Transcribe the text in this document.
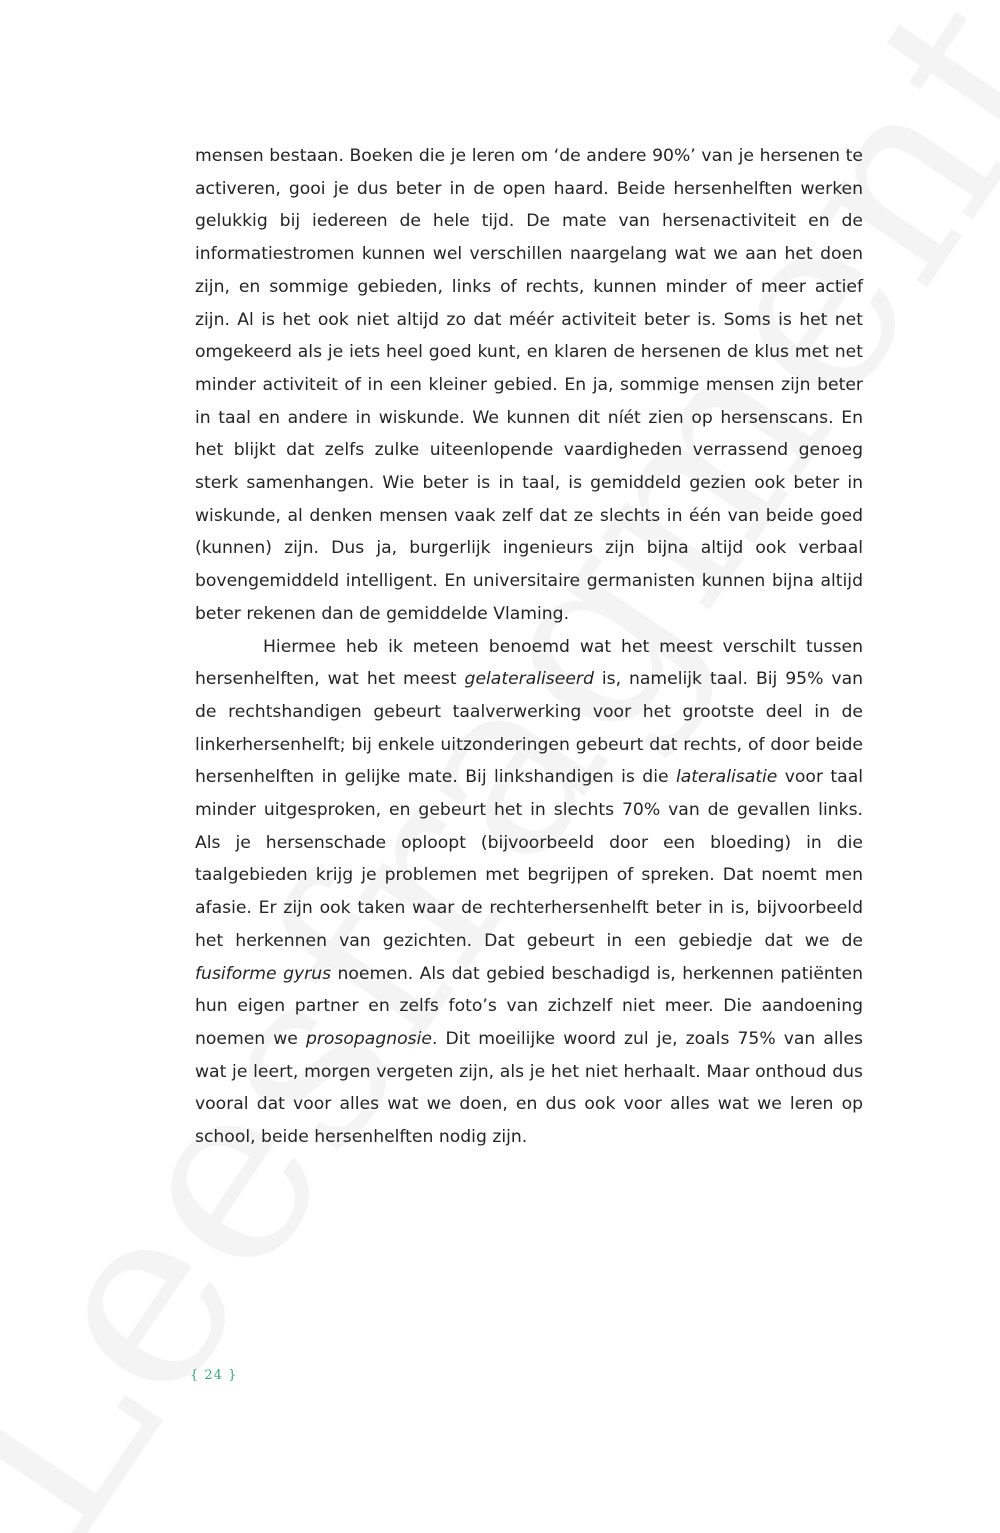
mensen bestaan. Boeken die je leren om ‘de andere 90%’ van je hersenen te activeren, gooi je dus beter in de open haard. Beide hersenhelften werken gelukkig bij iedereen de hele tijd. De mate van hersenactiviteit en de informatiestromen kunnen wel verschillen naargelang wat we aan het doen zijn, en sommige gebieden, links of rechts, kunnen minder of meer actief zijn. Al is het ook niet altijd zo dat méér activiteit beter is. Soms is het net omgekeerd als je iets heel goed kunt, en klaren de hersenen de klus met net minder activiteit of in een kleiner gebied. En ja, sommige mensen zijn beter in taal en andere in wiskunde. We kunnen dit níét zien op hersenscans. En het blijkt dat zelfs zulke uiteenlopende vaardigheden verrassend genoeg sterk samenhangen. Wie beter is in taal, is gemiddeld gezien ook beter in wiskunde, al denken mensen vaak zelf dat ze slechts in één van beide goed (kunnen) zijn. Dus ja, burgerlijk ingenieurs zijn bijna altijd ook verbaal bovengemiddeld intelligent. En universitaire germanisten kunnen bijna altijd beter rekenen dan de gemiddelde Vlaming.

Hiermee heb ik meteen benoemd wat het meest verschilt tussen hersenhelften, wat het meest gelateraliseerd is, namelijk taal. Bij 95% van de rechtshandigen gebeurt taalverwerking voor het grootste deel in de linkerhersenhelft; bij enkele uitzonderingen gebeurt dat rechts, of door beide hersenhelften in gelijke mate. Bij linkshandigen is die lateralisatie voor taal minder uitgesproken, en gebeurt het in slechts 70% van de gevallen links. Als je hersenschade oploopt (bijvoorbeeld door een bloeding) in die taalgebieden krijg je problemen met begrijpen of spreken. Dat noemt men afasie. Er zijn ook taken waar de rechterhersenhelft beter in is, bijvoorbeeld het herkennen van gezichten. Dat gebeurt in een gebiedje dat we de fusiforme gyrus noemen. Als dat gebied beschadigd is, herkennen patiënten hun eigen partner en zelfs foto’s van zichzelf niet meer. Die aandoening noemen we prosopagnosie. Dit moeilijke woord zul je, zoals 75% van alles wat je leert, morgen vergeten zijn, als je het niet herhaalt. Maar onthoud dus vooral dat voor alles wat we doen, en dus ook voor alles wat we leren op school, beide hersenhelften nodig zijn.

{ 24 }
